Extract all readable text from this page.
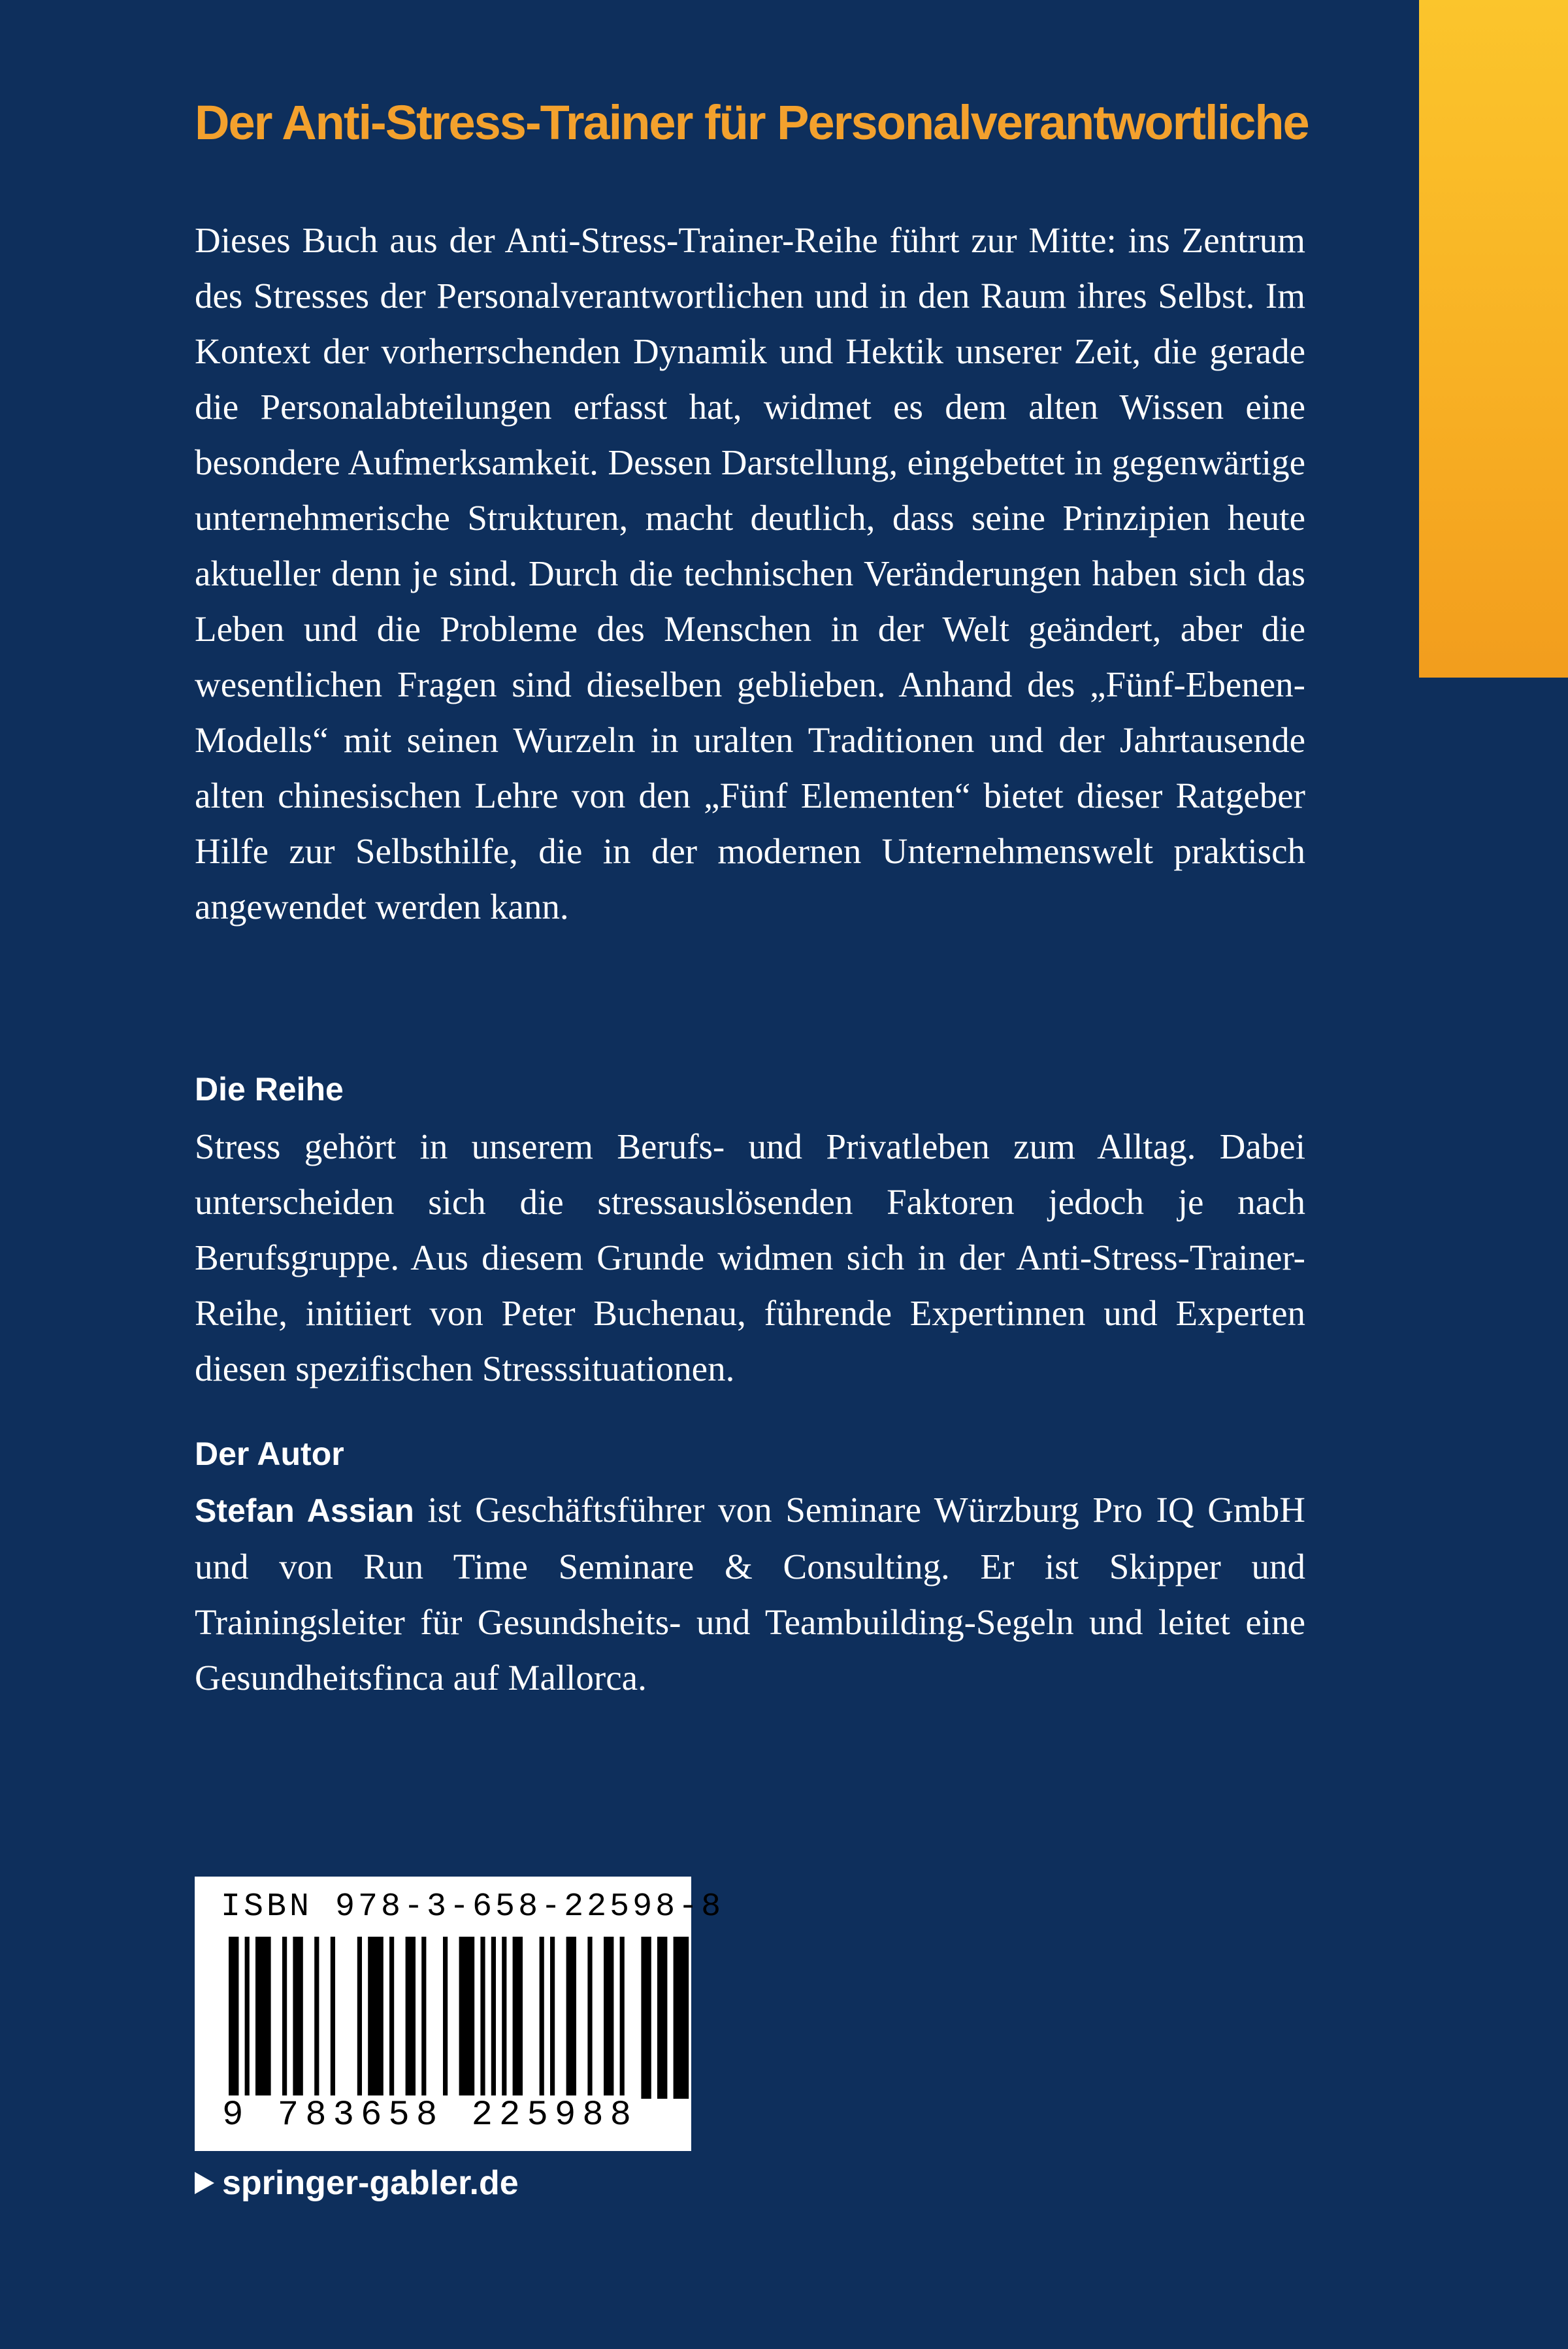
Der Anti-Stress-Trainer für Personalverantwortliche

Dieses Buch aus der Anti-Stress-Trainer-Reihe führt zur Mitte: ins Zentrum des Stresses der Personalverantwortlichen und in den Raum ihres Selbst. Im Kontext der vorherrschenden Dynamik und Hektik unserer Zeit, die gerade die Personalabteilungen erfasst hat, widmet es dem alten Wissen eine besondere Aufmerksamkeit. Dessen Darstellung, eingebettet in gegenwärtige unternehmerische Strukturen, macht deutlich, dass seine Prinzipien heute aktueller denn je sind. Durch die technischen Veränderungen haben sich das Leben und die Probleme des Menschen in der Welt geändert, aber die wesentlichen Fragen sind dieselben geblieben. Anhand des „Fünf-Ebenen-Modells“ mit seinen Wurzeln in uralten Traditionen und der Jahrtausende alten chinesischen Lehre von den „Fünf Elementen“ bietet dieser Ratgeber Hilfe zur Selbsthilfe, die in der modernen Unternehmenswelt praktisch angewendet werden kann.

Die Reihe

Stress gehört in unserem Berufs- und Privatleben zum Alltag. Dabei unterscheiden sich die stressauslösenden Faktoren jedoch je nach Berufsgruppe. Aus diesem Grunde widmen sich in der Anti-Stress-Trainer-Reihe, initiiert von Peter Buchenau, führende Expertinnen und Experten diesen spezifischen Stresssituationen.

Der Autor

Stefan Assian ist Geschäftsführer von Seminare Würzburg Pro IQ GmbH und von Run Time Seminare & Consulting. Er ist Skipper und Trainingsleiter für Gesundsheits- und Teambuilding-Segeln und leitet eine Gesundheitsfinca auf Mallorca.

ISBN 978-3-658-22598-8
9 783658 225988
springer-gabler.de
